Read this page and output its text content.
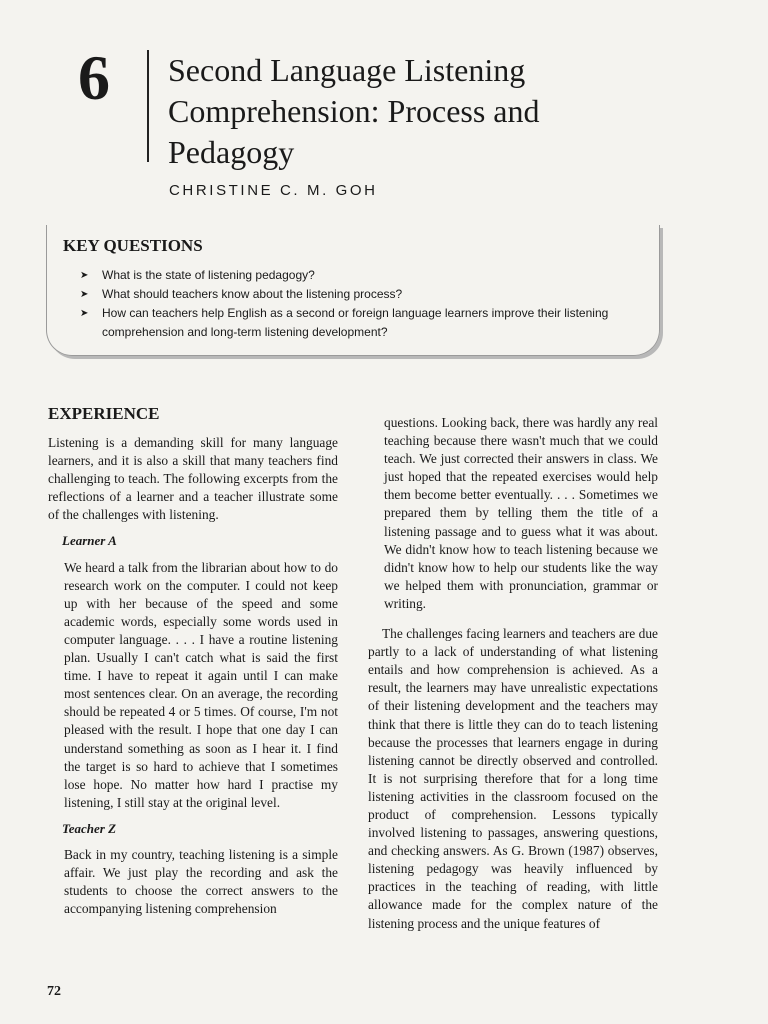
6 Second Language Listening
Comprehension: Process and
Pedagogy
CHRISTINE C. M. GOH
KEY QUESTIONS
➤	What is the state of listening pedagogy?
➤	What should teachers know about the listening process?
➤	How can teachers help English as a second or foreign language learners improve their listening comprehension and long-term listening development?
EXPERIENCE

Listening is a demanding skill for many language learners, and it is also a skill that many teachers find challenging to teach. The following excerpts from the reflections of a learner and a teacher illustrate some of the challenges with listening.

Learner A

We heard a talk from the librarian about how to do research work on the computer. I could not keep up with her because of the speed and some academic words, especially some words used in computer language. . . . I have a routine listening plan. Usually I can't catch what is said the first time. I have to repeat it again until I can make most sentences clear. On an average, the recording should be repeated 4 or 5 times. Of course, I'm not pleased with the result. I hope that one day I can understand something as soon as I hear it. I find the target is so hard to achieve that I sometimes lose hope. No matter how hard I practise my listening, I still stay at the original level.

Teacher Z

Back in my country, teaching listening is a simple affair. We just play the recording and ask the students to choose the correct answers to the accompanying listening comprehension

questions. Looking back, there was hardly any real teaching because there wasn't much that we could teach. We just corrected their answers in class. We just hoped that the repeated exercises would help them become better eventually. . . . Sometimes we prepared them by telling them the title of a listening passage and to guess what it was about. We didn't know how to teach listening because we didn't know how to help our students like the way we helped them with pronunciation, grammar or writing.

The challenges facing learners and teachers are due partly to a lack of understanding of what listening entails and how comprehension is achieved. As a result, the learners may have unrealistic expectations of their listening development and the teachers may think that there is little they can do to teach listening because the processes that learners engage in during listening cannot be directly observed and controlled. It is not surprising therefore that for a long time listening activities in the classroom focused on the product of comprehension. Lessons typically involved listening to passages, answering questions, and checking answers. As G. Brown (1987) observes, listening pedagogy was heavily influenced by practices in the teaching of reading, with little allowance made for the complex nature of the listening process and the unique features of

72
